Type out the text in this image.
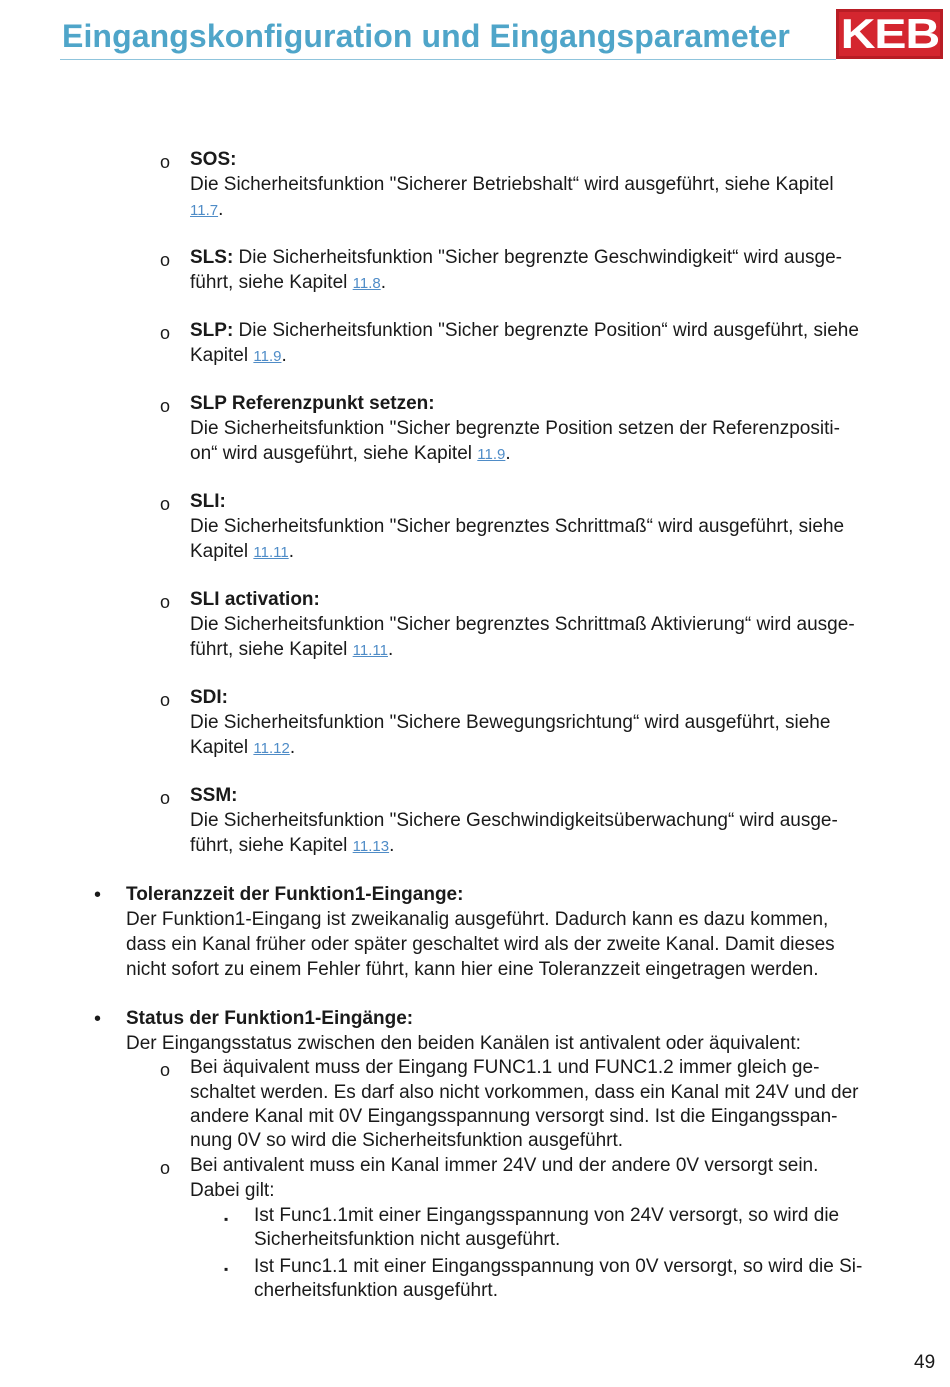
Eingangskonfiguration und Eingangsparameter KEB
o SOS:
Die Sicherheitsfunktion "Sicherer Betriebshalt“ wird ausgeführt, siehe Kapitel
11.7.
o SLS: Die Sicherheitsfunktion "Sicher begrenzte Geschwindigkeit“ wird ausge-
führt, siehe Kapitel 11.8.
o SLP: Die Sicherheitsfunktion "Sicher begrenzte Position“ wird ausgeführt, siehe
Kapitel 11.9.
o SLP Referenzpunkt setzen:
Die Sicherheitsfunktion "Sicher begrenzte Position setzen der Referenzpositi-
on“ wird ausgeführt, siehe Kapitel 11.9.
o SLI:
Die Sicherheitsfunktion "Sicher begrenztes Schrittmaß“ wird ausgeführt, siehe
Kapitel 11.11.
o SLI activation:
Die Sicherheitsfunktion "Sicher begrenztes Schrittmaß Aktivierung“ wird ausge-
führt, siehe Kapitel 11.11.
o SDI:
Die Sicherheitsfunktion "Sichere Bewegungsrichtung“ wird ausgeführt, siehe
Kapitel 11.12.
o SSM:
Die Sicherheitsfunktion "Sichere Geschwindigkeitsüberwachung“ wird ausge-
führt, siehe Kapitel 11.13.
• Toleranzzeit der Funktion1-Eingange:
Der Funktion1-Eingang ist zweikanalig ausgeführt. Dadurch kann es dazu kommen,
dass ein Kanal früher oder später geschaltet wird als der zweite Kanal. Damit dieses
nicht sofort zu einem Fehler führt, kann hier eine Toleranzzeit eingetragen werden.
• Status der Funktion1-Eingänge:
Der Eingangsstatus zwischen den beiden Kanälen ist antivalent oder äquivalent:
o Bei äquivalent muss der Eingang FUNC1.1 und FUNC1.2 immer gleich ge-
schaltet werden. Es darf also nicht vorkommen, dass ein Kanal mit 24V und der
andere Kanal mit 0V Eingangsspannung versorgt sind. Ist die Eingangsspan-
nung 0V so wird die Sicherheitsfunktion ausgeführt.
o Bei antivalent muss ein Kanal immer 24V und der andere 0V versorgt sein.
Dabei gilt:
▪ Ist Func1.1mit einer Eingangsspannung von 24V versorgt, so wird die
Sicherheitsfunktion nicht ausgeführt.
▪ Ist Func1.1 mit einer Eingangsspannung von 0V versorgt, so wird die Si-
cherheitsfunktion ausgeführt.
49
